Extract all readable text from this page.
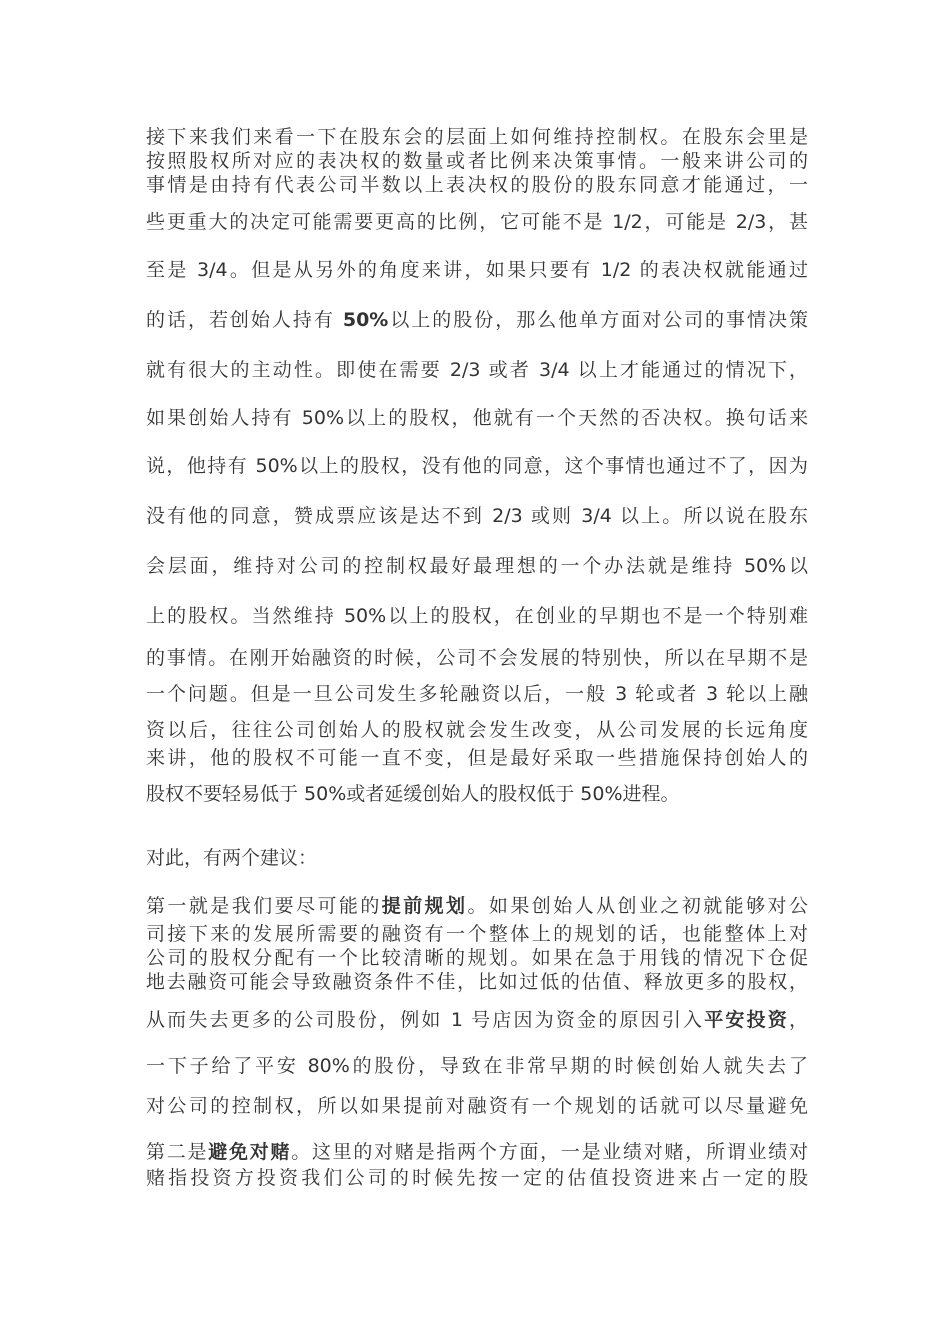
接下来我们来看一下在股东会的层面上如何维持控制权。在股东会里是
按照股权所对应的表决权的数量或者比例来决策事情。一般来讲公司的
事情是由持有代表公司半数以上表决权的股份的股东同意才能通过，一
些更重大的决定可能需要更高的比例，它可能不是 1/2，可能是 2/3，甚
至是 3/4。但是从另外的角度来讲，如果只要有 1/2 的表决权就能通过
的话，若创始人持有 50%以上的股份，那么他单方面对公司的事情决策
就有很大的主动性。即使在需要 2/3 或者 3/4 以上才能通过的情况下，
如果创始人持有 50%以上的股权，他就有一个天然的否决权。换句话来
说，他持有 50%以上的股权，没有他的同意，这个事情也通过不了，因为
没有他的同意，赞成票应该是达不到 2/3 或则 3/4 以上。所以说在股东
会层面，维持对公司的控制权最好最理想的一个办法就是维持 50%以
上的股权。当然维持 50%以上的股权，在创业的早期也不是一个特别难
的事情。在刚开始融资的时候，公司不会发展的特别快，所以在早期不是
一个问题。但是一旦公司发生多轮融资以后，一般 3 轮或者 3 轮以上融
资以后，往往公司创始人的股权就会发生改变，从公司发展的长远角度
来讲，他的股权不可能一直不变，但是最好采取一些措施保持创始人的
股权不要轻易低于 50%或者延缓创始人的股权低于 50%进程。
对此，有两个建议：
第一就是我们要尽可能的提前规划。如果创始人从创业之初就能够对公
司接下来的发展所需要的融资有一个整体上的规划的话，也能整体上对
公司的股权分配有一个比较清晰的规划。如果在急于用钱的情况下仓促
地去融资可能会导致融资条件不佳，比如过低的估值、释放更多的股权，
从而失去更多的公司股份，例如 1 号店因为资金的原因引入平安投资，
一下子给了平安 80%的股份，导致在非常早期的时候创始人就失去了
对公司的控制权，所以如果提前对融资有一个规划的话就可以尽量避免
第二是避免对赌。这里的对赌是指两个方面，一是业绩对赌，所谓业绩对
赌指投资方投资我们公司的时候先按一定的估值投资进来占一定的股
